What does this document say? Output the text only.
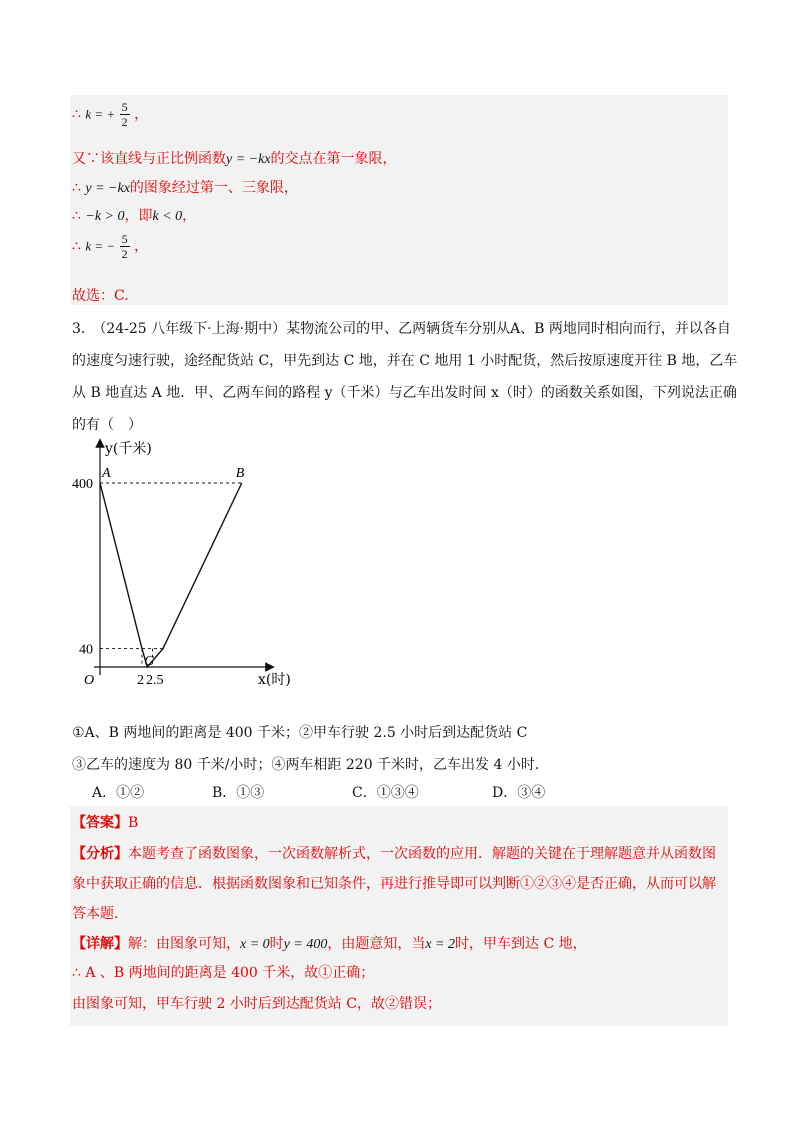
∴ k = + $\frac{5}{2}$ ，
又∵该直线与正比例函数y = −kx的交点在第一象限，
∴ y = −kx的图象经过第一、三象限，
∴ −k > 0，即k < 0，
∴ k = − $\frac{5}{2}$ ，
故选：C.
3.　（24-25 八年级下·上海·期中）某物流公司的甲、乙两辆货车分别从A、B 两地同时相向而行，并以各自
的速度匀速行驶，途经配货站 C，甲先到达 C 地，并在 C 地用 1 小时配货，然后按原速度开往 B 地，乙车
从 B 地直达 A 地．甲、乙两车间的路程 y（千米）与乙车出发时间 x（时）的函数关系如图，下列说法正确
的有（　）
y(千米)
x(时)
O
A	B
C
400
40
2 2.5
①A、B 两地间的距离是 400 千米；②甲车行驶 2.5 小时后到达配货站 C
③乙车的速度为 80 千米/小时；④两车相距 220 千米时，乙车出发 4 小时．
A．①②	B．①③	C．①③④	D．③④
【答案】B
【分析】本题考查了函数图象，一次函数解析式，一次函数的应用．解题的关键在于理解题意并从函数图
象中获取正确的信息．根据函数图象和已知条件，再进行推导即可以判断①②③④是否正确，从而可以解
答本题．
【详解】解：由图象可知，x = 0时y = 400，由题意知，当x = 2时，甲车到达 C 地，
∴ A 、B 两地间的距离是 400 千米，故①正确；
由图象可知，甲车行驶 2 小时后到达配货站 C，故②错误；
